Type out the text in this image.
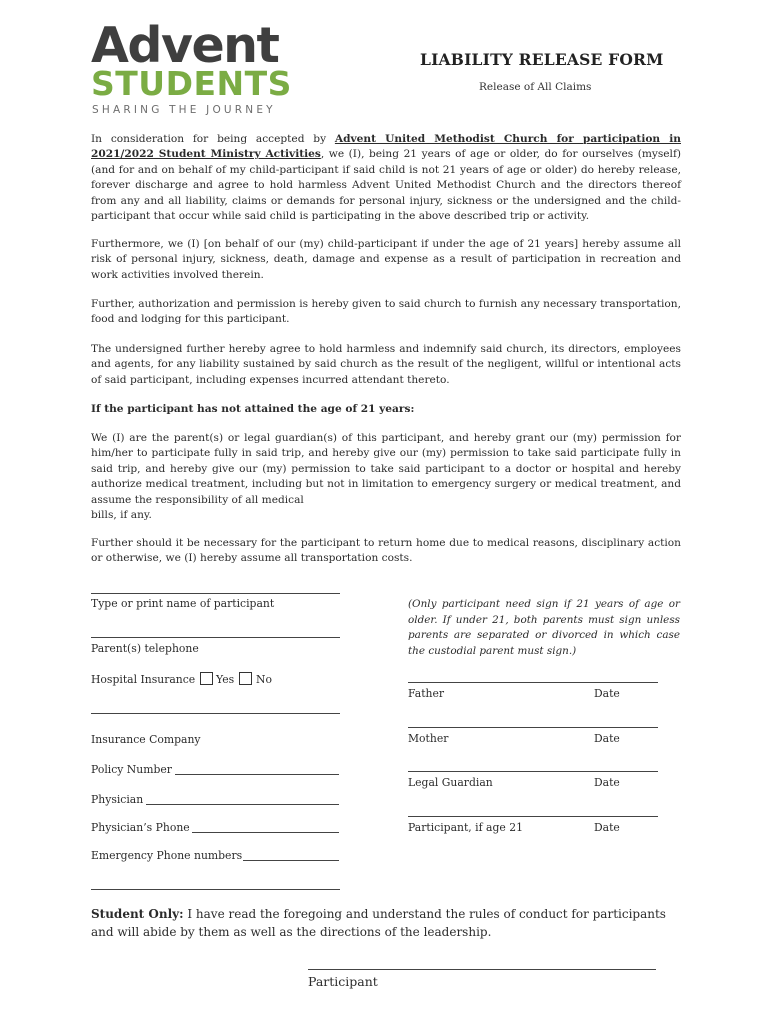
Advent
STUDENTS
SHARING THE JOURNEY
LIABILITY RELEASE FORM
Release of All Claims
In consideration for being accepted by Advent United Methodist Church for participation in 2021/2022 Student Ministry Activities, we (I), being 21 years of age or older, do for ourselves (myself) (and for and on behalf of my child-participant if said child is not 21 years of age or older) do hereby release, forever discharge and agree to hold harmless Advent United Methodist Church and the directors thereof from any and all liability, claims or demands for personal injury, sickness or the undersigned and the child-participant that occur while said child is participating in the above described trip or activity.
Furthermore, we (I) [on behalf of our (my) child-participant if under the age of 21 years] hereby assume all risk of personal injury, sickness, death, damage and expense as a result of participation in recreation and work activities involved therein.
Further, authorization and permission is hereby given to said church to furnish any necessary transportation, food and lodging for this participant.
The undersigned further hereby agree to hold harmless and indemnify said church, its directors, employees and agents, for any liability sustained by said church as the result of the negligent, willful or intentional acts of said participant, including expenses incurred attendant thereto.
If the participant has not attained the age of 21 years:
We (I) are the parent(s) or legal guardian(s) of this participant, and hereby grant our (my) permission for him/her to participate fully in said trip, and hereby give our (my) permission to take said participate fully in said trip, and hereby give our (my) permission to take said participant to a doctor or hospital and hereby authorize medical treatment, including but not in limitation to emergency surgery or medical treatment, and assume the responsibility of all medical
bills, if any.
Further should it be necessary for the participant to return home due to medical reasons, disciplinary action or otherwise, we (I) hereby assume all transportation costs.
Type or print name of participant
Parent(s) telephone
Hospital Insurance Yes No
Insurance Company
Policy Number
Physician
Physician’s Phone
Emergency Phone numbers
(Only participant need sign if 21 years of age or older. If under 21, both parents must sign unless parents are separated or divorced in which case the custodial parent must sign.)
Father	Date
Mother	Date
Legal Guardian	Date
Participant, if age 21	Date
Student Only: I have read the foregoing and understand the rules of conduct for participants and will abide by them as well as the directions of the leadership.
Participant
